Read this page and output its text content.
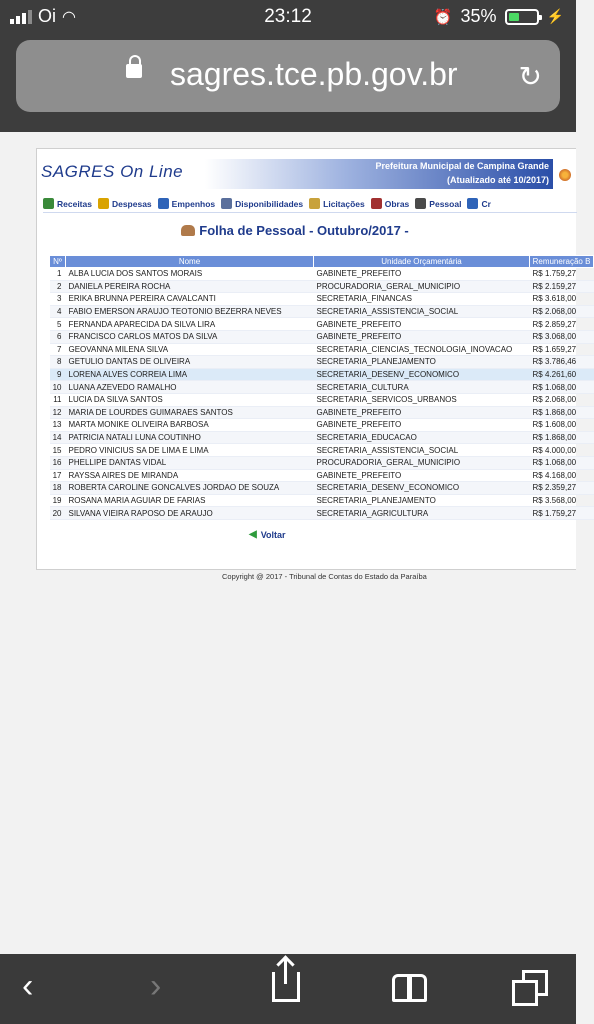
Oi ◠	23:12	⏰ 35%	⚡
sagres.tce.pb.gov.br ↻
SAGRES On Line	Prefeitura Municipal de Campina Grande
(Atualizado até 10/2017)
Receitas Despesas Empenhos Disponibilidades Licitações Obras Pessoal Cr
Folha de Pessoal - Outubro/2017 -
Nº	Nome	Unidade Orçamentária	Remuneração B
1	ALBA LUCIA DOS SANTOS MORAIS	GABINETE_PREFEITO	R$ 1.759,27
2	DANIELA PEREIRA ROCHA	PROCURADORIA_GERAL_MUNICIPIO	R$ 2.159,27
3	ERIKA BRUNNA PEREIRA CAVALCANTI	SECRETARIA_FINANCAS	R$ 3.618,00
4	FABIO EMERSON ARAUJO TEOTONIO BEZERRA NEVES	SECRETARIA_ASSISTENCIA_SOCIAL	R$ 2.068,00
5	FERNANDA APARECIDA DA SILVA LIRA	GABINETE_PREFEITO	R$ 2.859,27
6	FRANCISCO CARLOS MATOS DA SILVA	GABINETE_PREFEITO	R$ 3.068,00
7	GEOVANNA MILENA SILVA	SECRETARIA_CIENCIAS_TECNOLOGIA_INOVACAO	R$ 1.659,27
8	GETULIO DANTAS DE OLIVEIRA	SECRETARIA_PLANEJAMENTO	R$ 3.786,46
9	LORENA ALVES CORREIA LIMA	SECRETARIA_DESENV_ECONOMICO	R$ 4.261,60
10	LUANA AZEVEDO RAMALHO	SECRETARIA_CULTURA	R$ 1.068,00
11	LUCIA DA SILVA SANTOS	SECRETARIA_SERVICOS_URBANOS	R$ 2.068,00
12	MARIA DE LOURDES GUIMARAES SANTOS	GABINETE_PREFEITO	R$ 1.868,00
13	MARTA MONIKE OLIVEIRA BARBOSA	GABINETE_PREFEITO	R$ 1.608,00
14	PATRICIA NATALI LUNA COUTINHO	SECRETARIA_EDUCACAO	R$ 1.868,00
15	PEDRO VINICIUS SA DE LIMA E LIMA	SECRETARIA_ASSISTENCIA_SOCIAL	R$ 4.000,00
16	PHELLIPE DANTAS VIDAL	PROCURADORIA_GERAL_MUNICIPIO	R$ 1.068,00
17	RAYSSA AIRES DE MIRANDA	GABINETE_PREFEITO	R$ 4.168,00
18	ROBERTA CAROLINE GONCALVES JORDAO DE SOUZA	SECRETARIA_DESENV_ECONOMICO	R$ 2.359,27
19	ROSANA MARIA AGUIAR DE FARIAS	SECRETARIA_PLANEJAMENTO	R$ 3.568,00
20	SILVANA VIEIRA RAPOSO DE ARAUJO	SECRETARIA_AGRICULTURA	R$ 1.759,27
◀ Voltar
Copyright @ 2017 - Tribunal de Contas do Estado da Paraíba
‹	›
